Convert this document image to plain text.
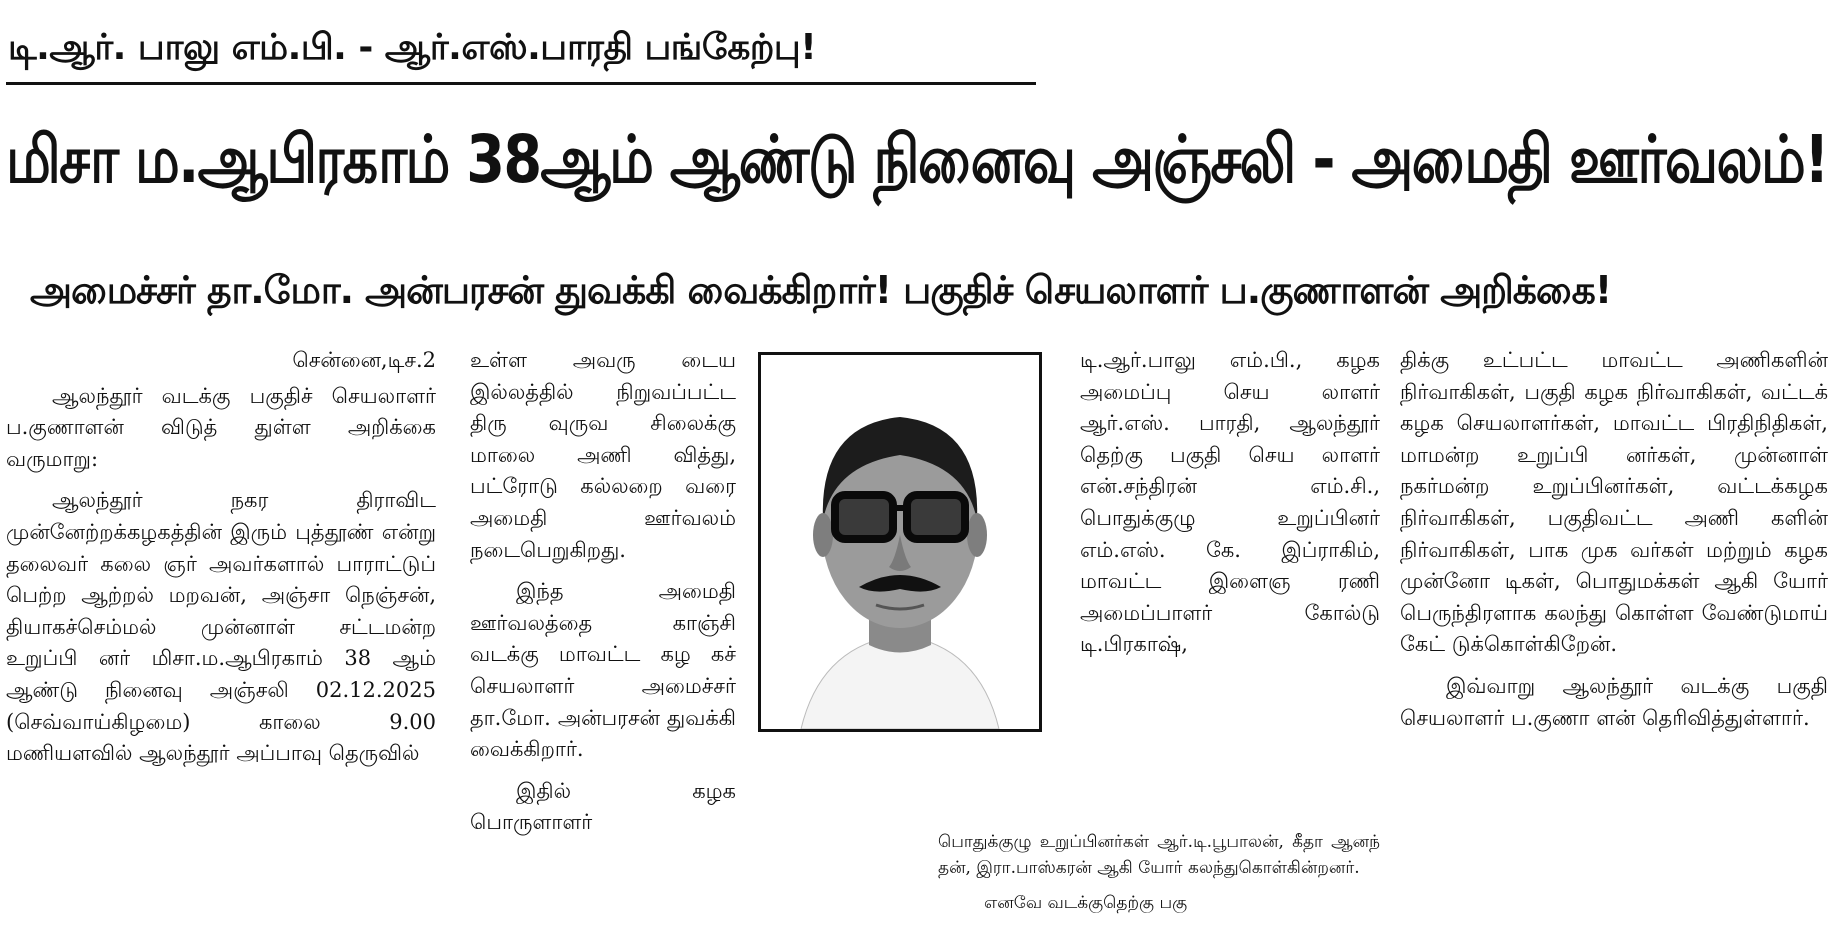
டி.ஆர். பாலு எம்.பி. - ஆர்.எஸ்.பாரதி பங்கேற்பு!
மிசா ம.ஆபிரகாம் 38ஆம் ஆண்டு நினைவு அஞ்சலி - அமைதி ஊர்வலம்!
அமைச்சர் தா.மோ. அன்பரசன் துவக்கி வைக்கிறார்! பகுதிச் செயலாளர் ப.குணாளன் அறிக்கை!

சென்னை,டிச.2

ஆலந்தூர் வடக்கு பகுதிச் செயலாளர் ப.குணாளன் விடுத் துள்ள அறிக்கை வருமாறு:

ஆலந்தூர் நகர திராவிட முன்னேற்றக்கழகத்தின் இரும் புத்தூண் என்று தலைவர் கலை ஞர் அவர்களால் பாராட்டுப் பெற்ற ஆற்றல் மறவன், அஞ்சா நெஞ்சன், தியாகச்செம்மல் முன்னாள் சட்டமன்ற உறுப்பி னர் மிசா.ம.ஆபிரகாம் 38 ஆம் ஆண்டு நினைவு அஞ்சலி 02.12.2025 (செவ்வாய்கிழமை) காலை 9.00 மணியளவில் ஆலந்தூர் அப்பாவு தெருவில்

உள்ள அவரு டைய இல்லத்தில் நிறுவப்பட்ட திரு வுருவ சிலைக்கு மாலை அணி வித்து, பட்ரோடு கல்லறை வரை அமைதி ஊர்வலம் நடைபெறுகிறது.

இந்த அமைதி ஊர்வலத்தை காஞ்சி வடக்கு மாவட்ட கழ கச் செயலாளர் அமைச்சர் தா.மோ. அன்பரசன் துவக்கி வைக்கிறார்.

இதில் கழக பொருளாளர்

டி.ஆர்.பாலு எம்.பி., கழக அமைப்பு செய லாளர் ஆர்.எஸ். பாரதி, ஆலந்தூர் தெற்கு பகுதி செய லாளர் என்.சந்திரன் எம்.சி., பொதுக்குழு உறுப்பினர் எம்.எஸ். கே. இப்ராகிம், மாவட்ட இளைஞ ரணி அமைப்பாளர் கோல்டு டி.பிரகாஷ்,

பொதுக்குழு உறுப்பினர்கள் ஆர்.டி.பூபாலன், கீதா ஆனந் தன், இரா.பாஸ்கரன் ஆகி யோர் கலந்துகொள்கின்றனர்.

எனவே வடக்குதெற்கு பகு

திக்கு உட்பட்ட மாவட்ட அணிகளின் நிர்வாகிகள், பகுதி கழக நிர்வாகிகள், வட்டக் கழக செயலாளர்கள், மாவட்ட பிரதிநிதிகள், மாமன்ற உறுப்பி னர்கள், முன்னாள் நகர்மன்ற உறுப்பினர்கள், வட்டக்கழக நிர்வாகிகள், பகுதிவட்ட அணி களின் நிர்வாகிகள், பாக முக வர்கள் மற்றும் கழக முன்னோ டிகள், பொதுமக்கள் ஆகி யோர் பெருந்திரளாக கலந்து கொள்ள வேண்டுமாய் கேட் டுக்கொள்கிறேன்.

இவ்வாறு ஆலந்தூர் வடக்கு பகுதி செயலாளர் ப.குணா ளன் தெரிவித்துள்ளார்.
